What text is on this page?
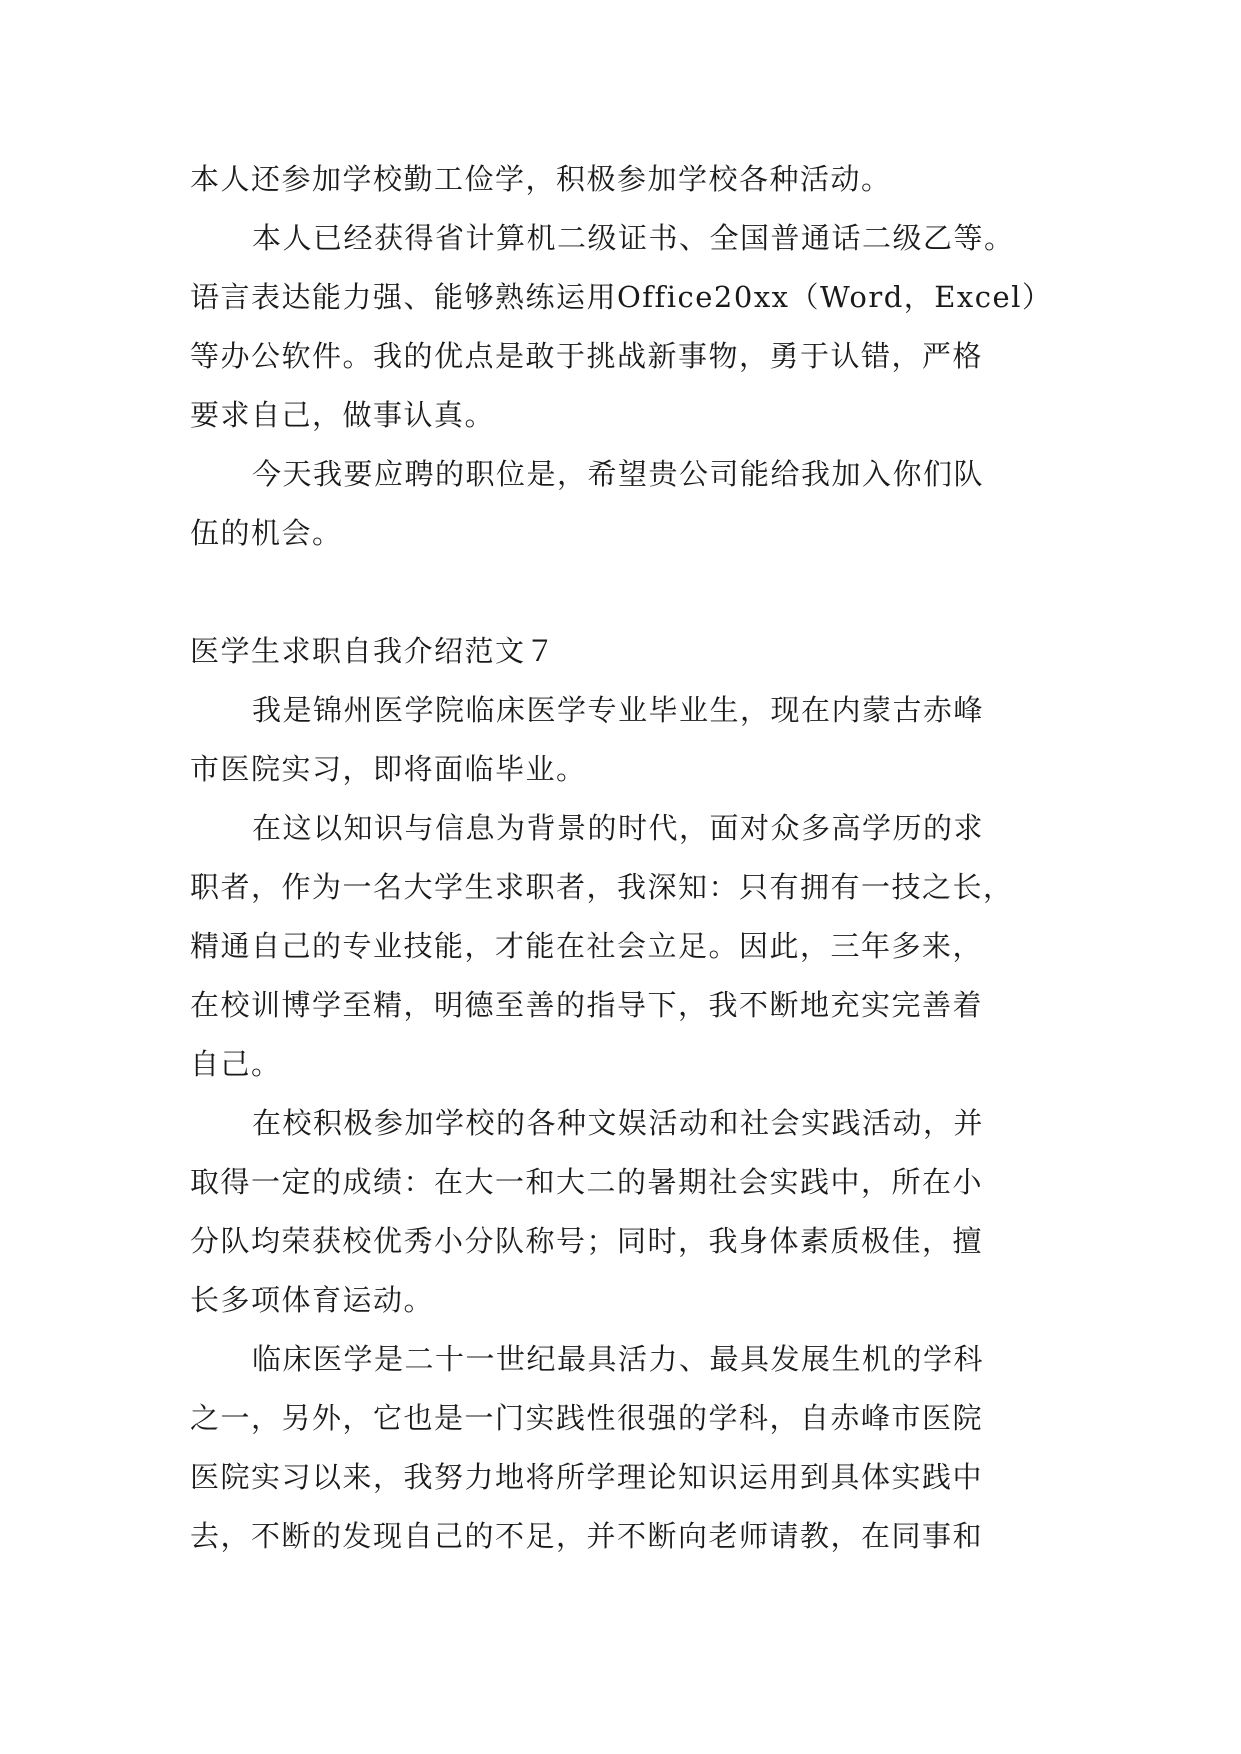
本人还参加学校勤工俭学，积极参加学校各种活动。
本人已经获得省计算机二级证书、全国普通话二级乙等。
语言表达能力强、能够熟练运用Office20xx（Word，Excel）
等办公软件。我的优点是敢于挑战新事物，勇于认错，严格
要求自己，做事认真。
今天我要应聘的职位是，希望贵公司能给我加入你们队
伍的机会。
医学生求职自我介绍范文７
我是锦州医学院临床医学专业毕业生，现在内蒙古赤峰
市医院实习，即将面临毕业。
在这以知识与信息为背景的时代，面对众多高学历的求
职者，作为一名大学生求职者，我深知：只有拥有一技之长，
精通自己的专业技能，才能在社会立足。因此，三年多来，
在校训博学至精，明德至善的指导下，我不断地充实完善着
自己。
在校积极参加学校的各种文娱活动和社会实践活动，并
取得一定的成绩：在大一和大二的暑期社会实践中，所在小
分队均荣获校优秀小分队称号；同时，我身体素质极佳，擅
长多项体育运动。
临床医学是二十一世纪最具活力、最具发展生机的学科
之一，另外，它也是一门实践性很强的学科，自赤峰市医院
医院实习以来，我努力地将所学理论知识运用到具体实践中
去，不断的发现自己的不足，并不断向老师请教，在同事和
